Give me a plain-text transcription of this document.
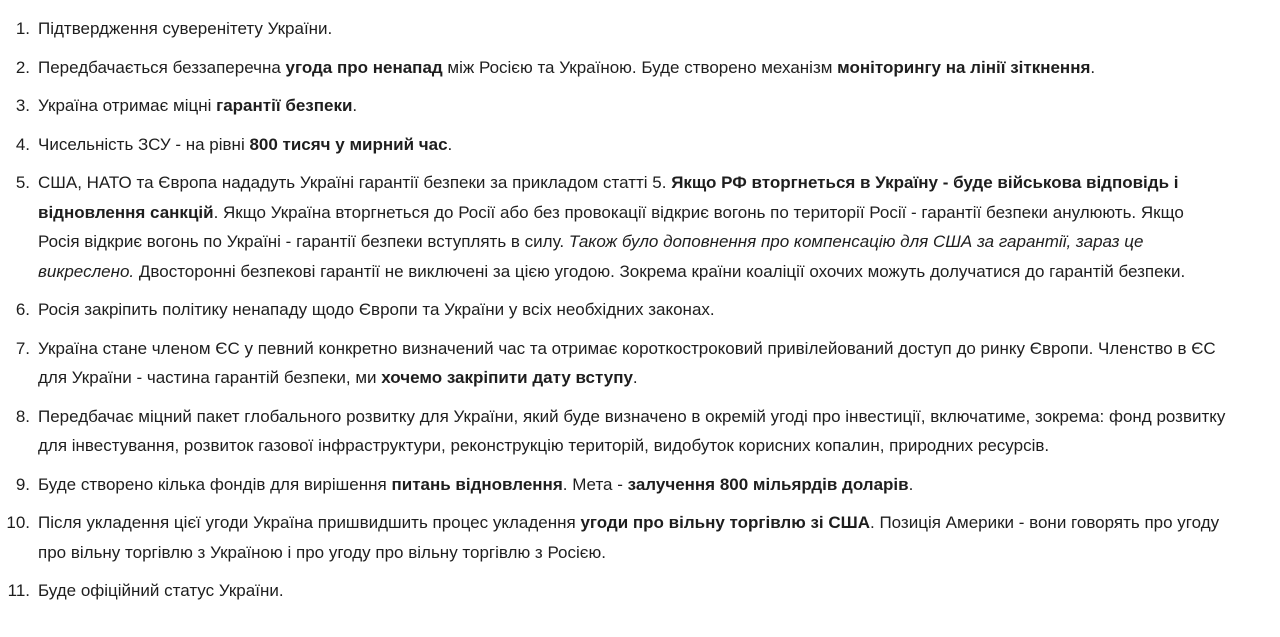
1. Підтвердження суверенітету України.
2. Передбачається беззаперечна угода про ненапад між Росією та Україною. Буде створено механізм моніторингу на лінії зіткнення.
3. Україна отримає міцні гарантії безпеки.
4. Чисельність ЗСУ - на рівні 800 тисяч у мирний час.
5. США, НАТО та Європа нададуть Україні гарантії безпеки за прикладом статті 5. Якщо РФ вторгнеться в Україну - буде військова відповідь і відновлення санкцій. Якщо Україна вторгнеться до Росії або без провокації відкриє вогонь по території Росії - гарантії безпеки анулюють. Якщо Росія відкриє вогонь по Україні - гарантії безпеки вступлять в силу. Також було доповнення про компенсацію для США за гарантії, зараз це викреслено. Двосторонні безпекові гарантії не виключені за цією угодою. Зокрема країни коаліції охочих можуть долучатися до гарантій безпеки.
6. Росія закріпить політику ненападу щодо Європи та України у всіх необхідних законах.
7. Україна стане членом ЄС у певний конкретно визначений час та отримає короткостроковий привілейований доступ до ринку Європи. Членство в ЄС для України - частина гарантій безпеки, ми хочемо закріпити дату вступу.
8. Передбачає міцний пакет глобального розвитку для України, який буде визначено в окремій угоді про інвестиції, включатиме, зокрема: фонд розвитку для інвестування, розвиток газової інфраструктури, реконструкцію територій, видобуток корисних копалин, природних ресурсів.
9. Буде створено кілька фондів для вирішення питань відновлення. Мета - залучення 800 мільярдів доларів.
10. Після укладення цієї угоди Україна пришвидшить процес укладення угоди про вільну торгівлю зі США. Позиція Америки - вони говорять про угоду про вільну торгівлю з Україною і про угоду про вільну торгівлю з Росією.
11. Буде офіційний статус України.
